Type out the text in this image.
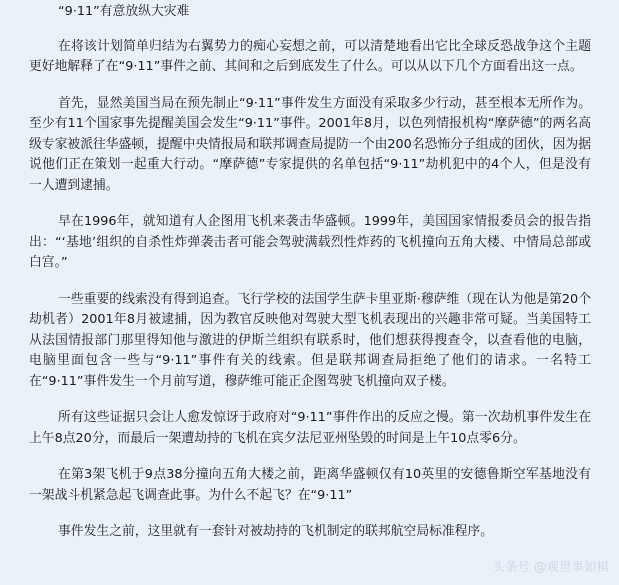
“9·11”有意放纵大灾难

在将该计划简单归结为右翼势力的痴心妄想之前，可以清楚地看出它比全球反恐战争这个主题更好地解释了在“9·11”事件之前、其间和之后到底发生了什么。可以从以下几个方面看出这一点。

首先，显然美国当局在预先制止“9·11”事件发生方面没有采取多少行动，甚至根本无所作为。至少有11个国家事先提醒美国会发生“9·11”事件。2001年8月，以色列情报机构“摩萨德”的两名高级专家被派往华盛顿，提醒中央情报局和联邦调查局提防一个由200名恐怖分子组成的团伙，因为据说他们正在策划一起重大行动。“摩萨德”专家提供的名单包括“9·11”劫机犯中的4个人，但是没有一人遭到逮捕。

早在1996年，就知道有人企图用飞机来袭击华盛顿。1999年，美国国家情报委员会的报告指出：“‘基地’组织的自杀性炸弹袭击者可能会驾驶满载烈性炸药的飞机撞向五角大楼、中情局总部或白宫。”

一些重要的线索没有得到追查。飞行学校的法国学生萨卡里亚斯·穆萨维（现在认为他是第20个劫机者）2001年8月被逮捕，因为教官反映他对驾驶大型飞机表现出的兴趣非常可疑。当美国特工从法国情报部门那里得知他与激进的伊斯兰组织有联系时，他们想获得搜查令，以查看他的电脑，电脑里面包含一些与“9·11”事件有关的线索。但是联邦调查局拒绝了他们的请求。一名特工在“9·11”事件发生一个月前写道，穆萨维可能正企图驾驶飞机撞向双子楼。

所有这些证据只会让人愈发惊讶于政府对“9·11”事件作出的反应之慢。第一次劫机事件发生在上午8点20分，而最后一架遭劫持的飞机在宾夕法尼亚州坠毁的时间是上午10点零6分。

在第3架飞机于9点38分撞向五角大楼之前，距离华盛顿仅有10英里的安德鲁斯空军基地没有一架战斗机紧急起飞调查此事。为什么不起飞？在“9·11”

事件发生之前，这里就有一套针对被劫持的飞机制定的联邦航空局标准程序。

头条号 @观世事如棋
